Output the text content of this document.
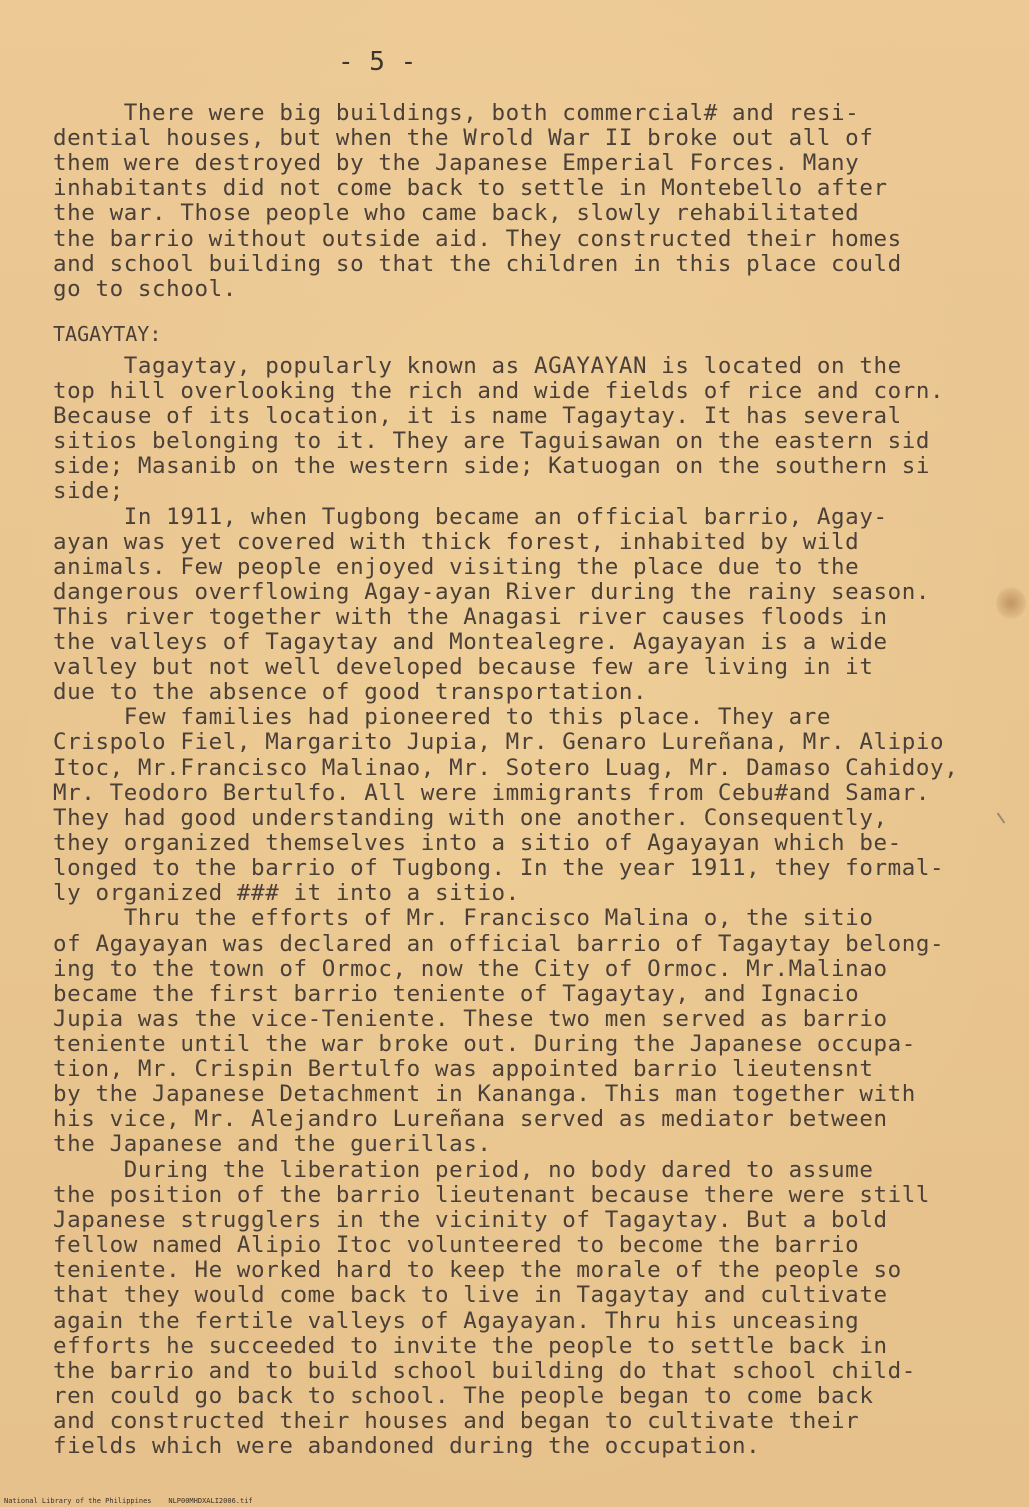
- 5 -
There were big buildings, both commercial# and resi-
dential houses, but when the Wrold War II broke out all of
them were destroyed by the Japanese Emperial Forces. Many
inhabitants did not come back to settle in Montebello after
the war. Those people who came back, slowly rehabilitated
the barrio without outside aid. They constructed their homes
and school building so that the children in this place could
go to school.
TAGAYTAY:
Tagaytay, popularly known as AGAYAYAN is located on the
top hill overlooking the rich and wide fields of rice and corn.
Because of its location, it is name Tagaytay. It has several
sitios belonging to it. They are Taguisawan on the eastern sid
side; Masanib on the western side; Katuogan on the southern si
side;
In 1911, when Tugbong became an official barrio, Agay-
ayan was yet covered with thick forest, inhabited by wild
animals. Few people enjoyed visiting the place due to the
dangerous overflowing Agay-ayan River during the rainy season.
This river together with the Anagasi river causes floods in
the valleys of Tagaytay and Montealegre. Agayayan is a wide
valley but not well developed because few are living in it
due to the absence of good transportation.
Few families had pioneered to this place. They are
Crispolo Fiel, Margarito Jupia, Mr. Genaro Lureñana, Mr. Alipio
Itoc, Mr.Francisco Malinao, Mr. Sotero Luag, Mr. Damaso Cahidoy,
Mr. Teodoro Bertulfo. All were immigrants from Cebu#and Samar.
They had good understanding with one another. Consequently,
they organized themselves into a sitio of Agayayan which be-
longed to the barrio of Tugbong. In the year 1911, they formal-
ly organized ### it into a sitio.
Thru the efforts of Mr. Francisco Malina o, the sitio
of Agayayan was declared an official barrio of Tagaytay belong-
ing to the town of Ormoc, now the City of Ormoc. Mr.Malinao
became the first barrio teniente of Tagaytay, and Ignacio
Jupia was the vice-Teniente. These two men served as barrio
teniente until the war broke out. During the Japanese occupa-
tion, Mr. Crispin Bertulfo was appointed barrio lieutensnt
by the Japanese Detachment in Kananga. This man together with
his vice, Mr. Alejandro Lureñana served as mediator between
the Japanese and the guerillas.
During the liberation period, no body dared to assume
the position of the barrio lieutenant because there were still
Japanese strugglers in the vicinity of Tagaytay. But a bold
fellow named Alipio Itoc volunteered to become the barrio
teniente. He worked hard to keep the morale of the people so
that they would come back to live in Tagaytay and cultivate
again the fertile valleys of Agayayan. Thru his unceasing
efforts he succeeded to invite the people to settle back in
the barrio and to build school building do that school child-
ren could go back to school. The people began to come back
and constructed their houses and began to cultivate their
fields which were abandoned during the occupation.
National Library of the Philippines    NLP00MHDXALI2006.tif
